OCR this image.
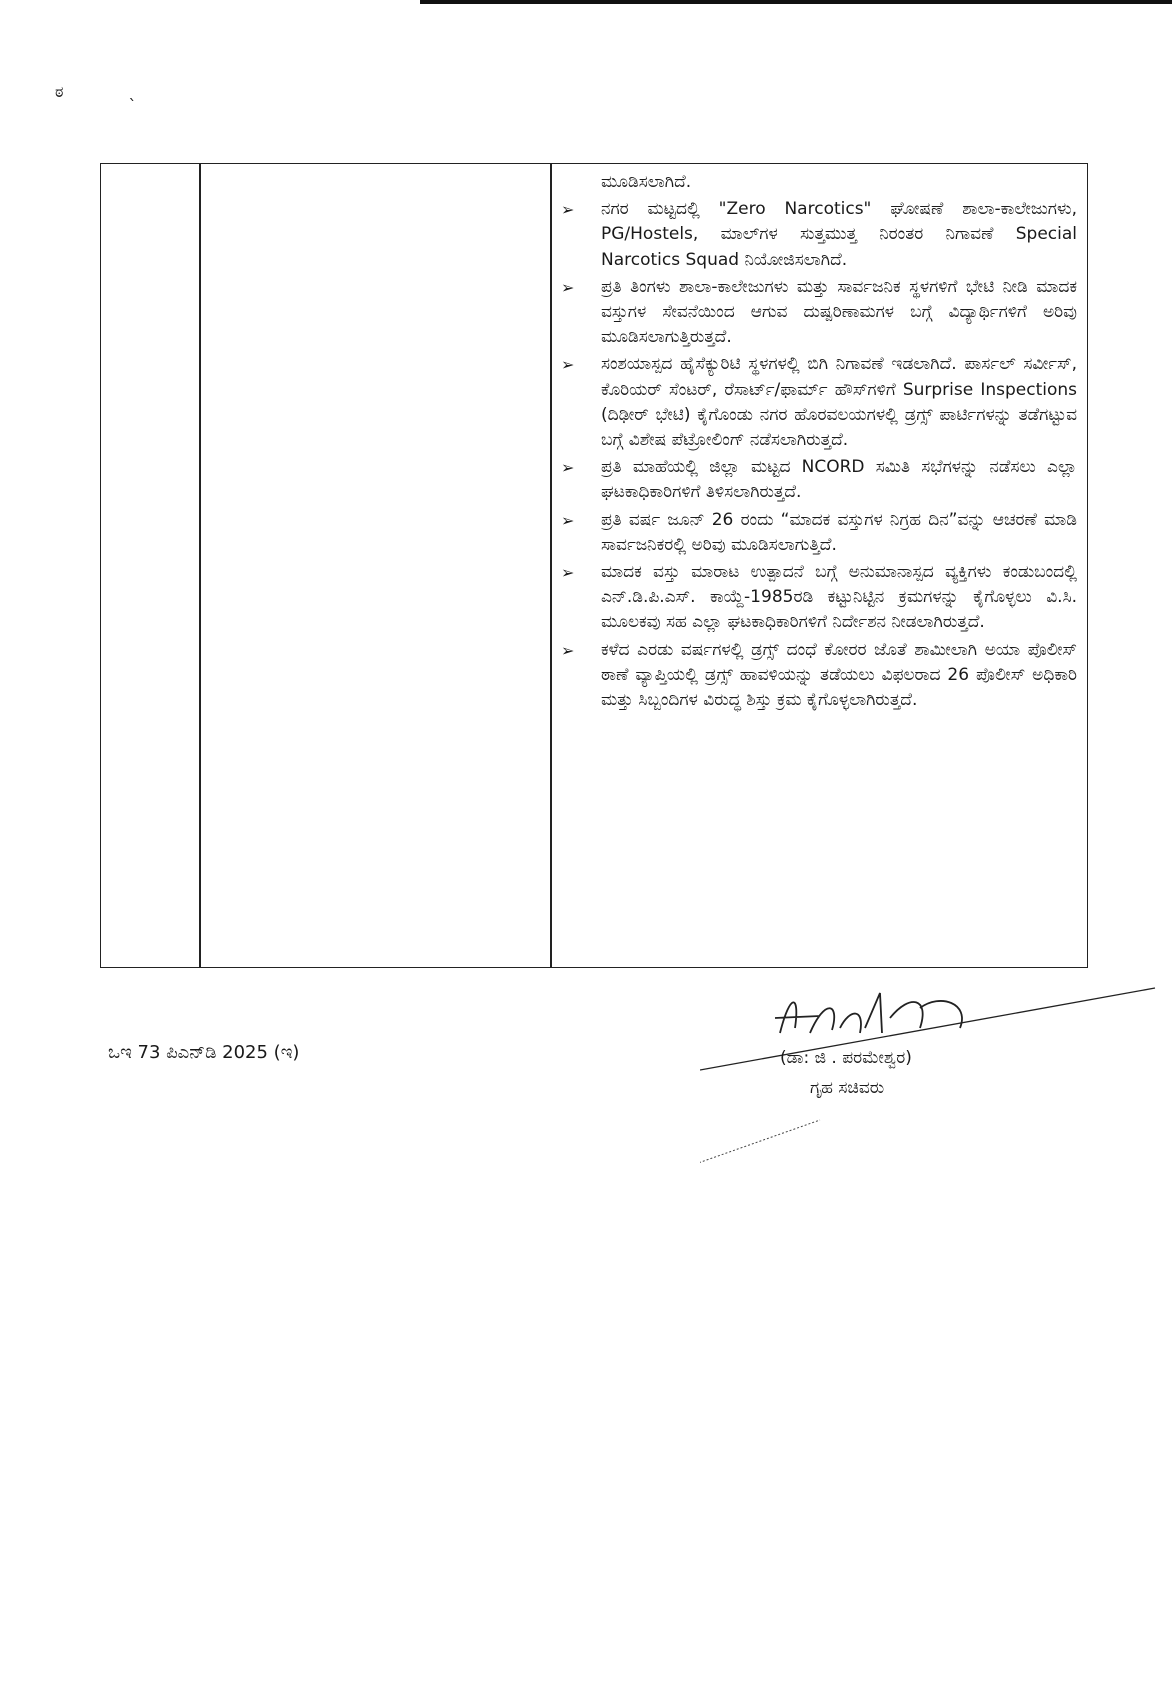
ಠ ˎ
ಮೂಡಿಸಲಾಗಿದೆ.
➢ ನಗರ ಮಟ್ಟದಲ್ಲಿ "Zero Narcotics" ಘೋಷಣೆ ಶಾಲಾ-ಕಾಲೇಜುಗಳು, PG/Hostels, ಮಾಲ್‌ಗಳ ಸುತ್ತಮುತ್ತ ನಿರಂತರ ನಿಗಾವಣೆ Special Narcotics Squad ನಿಯೋಜಿಸಲಾಗಿದೆ.
➢ ಪ್ರತಿ ತಿಂಗಳು ಶಾಲಾ-ಕಾಲೇಜುಗಳು ಮತ್ತು ಸಾರ್ವಜನಿಕ ಸ್ಥಳಗಳಿಗೆ ಭೇಟಿ ನೀಡಿ ಮಾದಕ ವಸ್ತುಗಳ ಸೇವನೆಯಿಂದ ಆಗುವ ದುಷ್ಪರಿಣಾಮಗಳ ಬಗ್ಗೆ ವಿದ್ಯಾರ್ಥಿಗಳಿಗೆ ಅರಿವು ಮೂಡಿಸಲಾಗುತ್ತಿರುತ್ತದೆ.
➢ ಸಂಶಯಾಸ್ಪದ ಹೈಸೆಕ್ಯುರಿಟಿ ಸ್ಥಳಗಳಲ್ಲಿ ಬಿಗಿ ನಿಗಾವಣೆ ಇಡಲಾಗಿದೆ. ಪಾರ್ಸಲ್ ಸರ್ವೀಸ್, ಕೊರಿಯರ್ ಸೆಂಟರ್, ರೆಸಾರ್ಟ್/ಫಾರ್ಮ್ ಹೌಸ್‌ಗಳಿಗೆ Surprise Inspections (ದಿಢೀರ್ ಭೇಟಿ) ಕೈಗೊಂಡು ನಗರ ಹೊರವಲಯಗಳಲ್ಲಿ ಡ್ರಗ್ಸ್ ಪಾರ್ಟಿಗಳನ್ನು ತಡೆಗಟ್ಟುವ ಬಗ್ಗೆ ವಿಶೇಷ ಪೆಟ್ರೋಲಿಂಗ್ ನಡೆಸಲಾಗಿರುತ್ತದೆ.
➢ ಪ್ರತಿ ಮಾಹೆಯಲ್ಲಿ ಜಿಲ್ಲಾ ಮಟ್ಟದ NCORD ಸಮಿತಿ ಸಭೆಗಳನ್ನು ನಡೆಸಲು ಎಲ್ಲಾ ಘಟಕಾಧಿಕಾರಿಗಳಿಗೆ ತಿಳಿಸಲಾಗಿರುತ್ತದೆ.
➢ ಪ್ರತಿ ವರ್ಷ ಜೂನ್ 26 ರಂದು “ಮಾದಕ ವಸ್ತುಗಳ ನಿಗ್ರಹ ದಿನ”ವನ್ನು ಆಚರಣೆ ಮಾಡಿ ಸಾರ್ವಜನಿಕರಲ್ಲಿ ಅರಿವು ಮೂಡಿಸಲಾಗುತ್ತಿದೆ.
➢ ಮಾದಕ ವಸ್ತು ಮಾರಾಟ ಉತ್ಪಾದನೆ ಬಗ್ಗೆ ಅನುಮಾನಾಸ್ಪದ ವ್ಯಕ್ತಿಗಳು ಕಂಡುಬಂದಲ್ಲಿ ಎನ್.ಡಿ.ಪಿ.ಎಸ್. ಕಾಯ್ದೆ-1985ರಡಿ ಕಟ್ಟುನಿಟ್ಟಿನ ಕ್ರಮಗಳನ್ನು ಕೈಗೊಳ್ಳಲು ವಿ.ಸಿ. ಮೂಲಕವು ಸಹ ಎಲ್ಲಾ ಘಟಕಾಧಿಕಾರಿಗಳಿಗೆ ನಿರ್ದೇಶನ ನೀಡಲಾಗಿರುತ್ತದೆ.
➢ ಕಳೆದ ಎರಡು ವರ್ಷಗಳಲ್ಲಿ ಡ್ರಗ್ಸ್ ದಂಧೆ ಕೋರರ ಜೊತೆ ಶಾಮೀಲಾಗಿ ಅಯಾ ಪೊಲೀಸ್ ಠಾಣೆ ವ್ಯಾಪ್ತಿಯಲ್ಲಿ ಡ್ರಗ್ಸ್ ಹಾವಳಿಯನ್ನು ತಡೆಯಲು ವಿಫಲರಾದ 26 ಪೊಲೀಸ್ ಅಧಿಕಾರಿ ಮತ್ತು ಸಿಬ್ಬಂದಿಗಳ ವಿರುದ್ಧ ಶಿಸ್ತು ಕ್ರಮ ಕೈಗೊಳ್ಳಲಾಗಿರುತ್ತದೆ.
ಒಇ 73 ಪಿಎನ್‌ಡಿ 2025 (ಇ)	(ಡಾ: ಜಿ . ಪರಮೇಶ್ವರ)
ಗೃಹ ಸಚಿವರು
